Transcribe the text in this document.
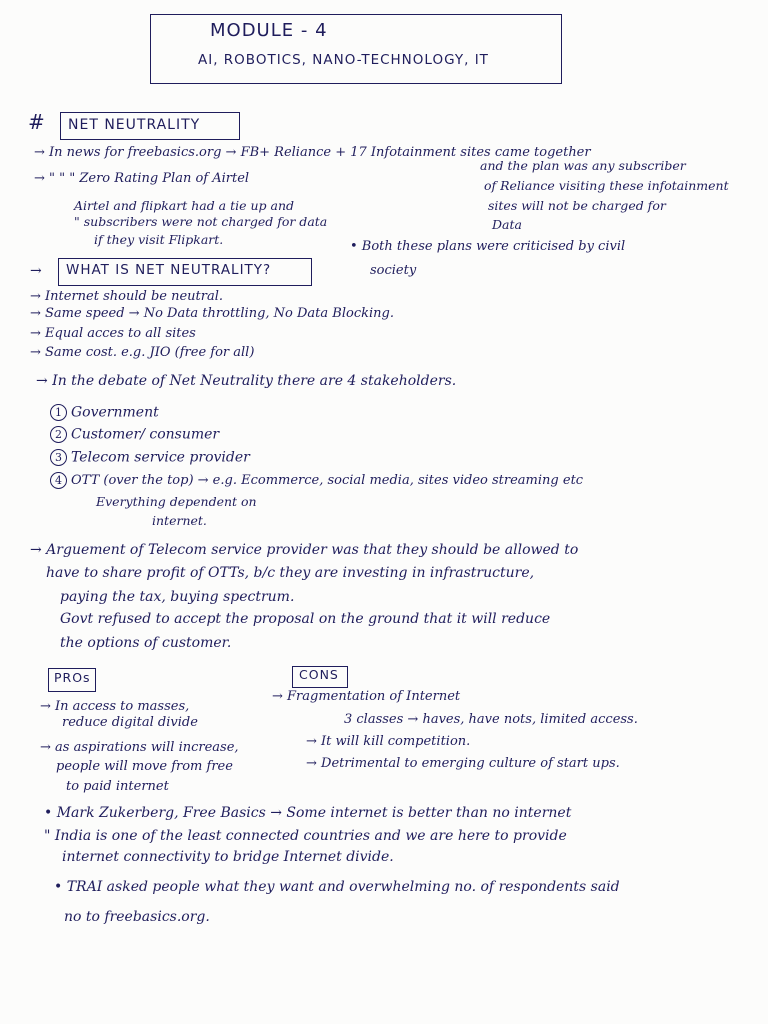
MODULE - 4
AI, ROBOTICS, NANO-TECHNOLOGY, IT
# NET NEUTRALITY
→ In news for freebasics.org → FB+ Reliance + 17 Infotainment sites came together
→ " " " Zero Rating Plan of Airtel
and the plan was any subscriber
of Reliance visiting these infotainment
sites will not be charged for
Data
Airtel and flipkart had a tie up and
" subscribers were not charged for data
if they visit Flipkart.	• Both these plans were criticised by civil
society
→ WHAT IS NET NEUTRALITY?
→ Internet should be neutral.
→ Same speed → No Data throttling, No Data Blocking.
→ Equal acces to all sites
→ Same cost. e.g. JIO (free for all)
→ In the debate of Net Neutrality there are 4 stakeholders.
1 Government
2 Customer/ consumer
3 Telecom service provider
4 OTT (over the top) → e.g. Ecommerce, social media, sites video streaming etc
Everything dependent on
internet.
→ Arguement of Telecom service provider was that they should be allowed to
have to share profit of OTTs, b/c they are investing in infrastructure,
paying the tax, buying spectrum.
Govt refused to accept the proposal on the ground that it will reduce
the options of customer.
PROs
→ In access to masses,
reduce digital divide
→ as aspirations will increase,
people will move from free
to paid internet
CONS
→ Fragmentation of Internet
3 classes → haves, have nots, limited access.
→ It will kill competition.
→ Detrimental to emerging culture of start ups.
• Mark Zukerberg, Free Basics → Some internet is better than no internet
" India is one of the least connected countries and we are here to provide
internet connectivity to bridge Internet divide.
• TRAI asked people what they want and overwhelming no. of respondents said
no to freebasics.org.
